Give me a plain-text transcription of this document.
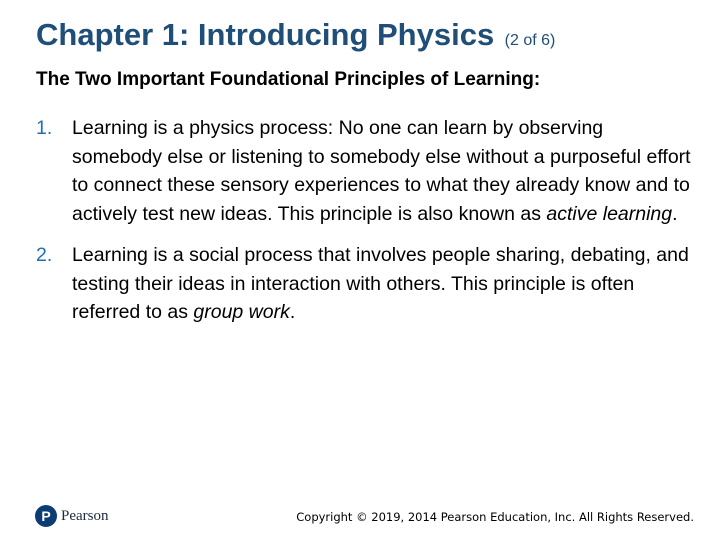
Chapter 1: Introducing Physics (2 of 6)
The Two Important Foundational Principles of Learning:
1. Learning is a physics process: No one can learn by observing somebody else or listening to somebody else without a purposeful effort to connect these sensory experiences to what they already know and to actively test new ideas. This principle is also known as active learning.
2. Learning is a social process that involves people sharing, debating, and testing their ideas in interaction with others. This principle is often referred to as group work.
P Pearson	Copyright © 2019, 2014 Pearson Education, Inc. All Rights Reserved.
